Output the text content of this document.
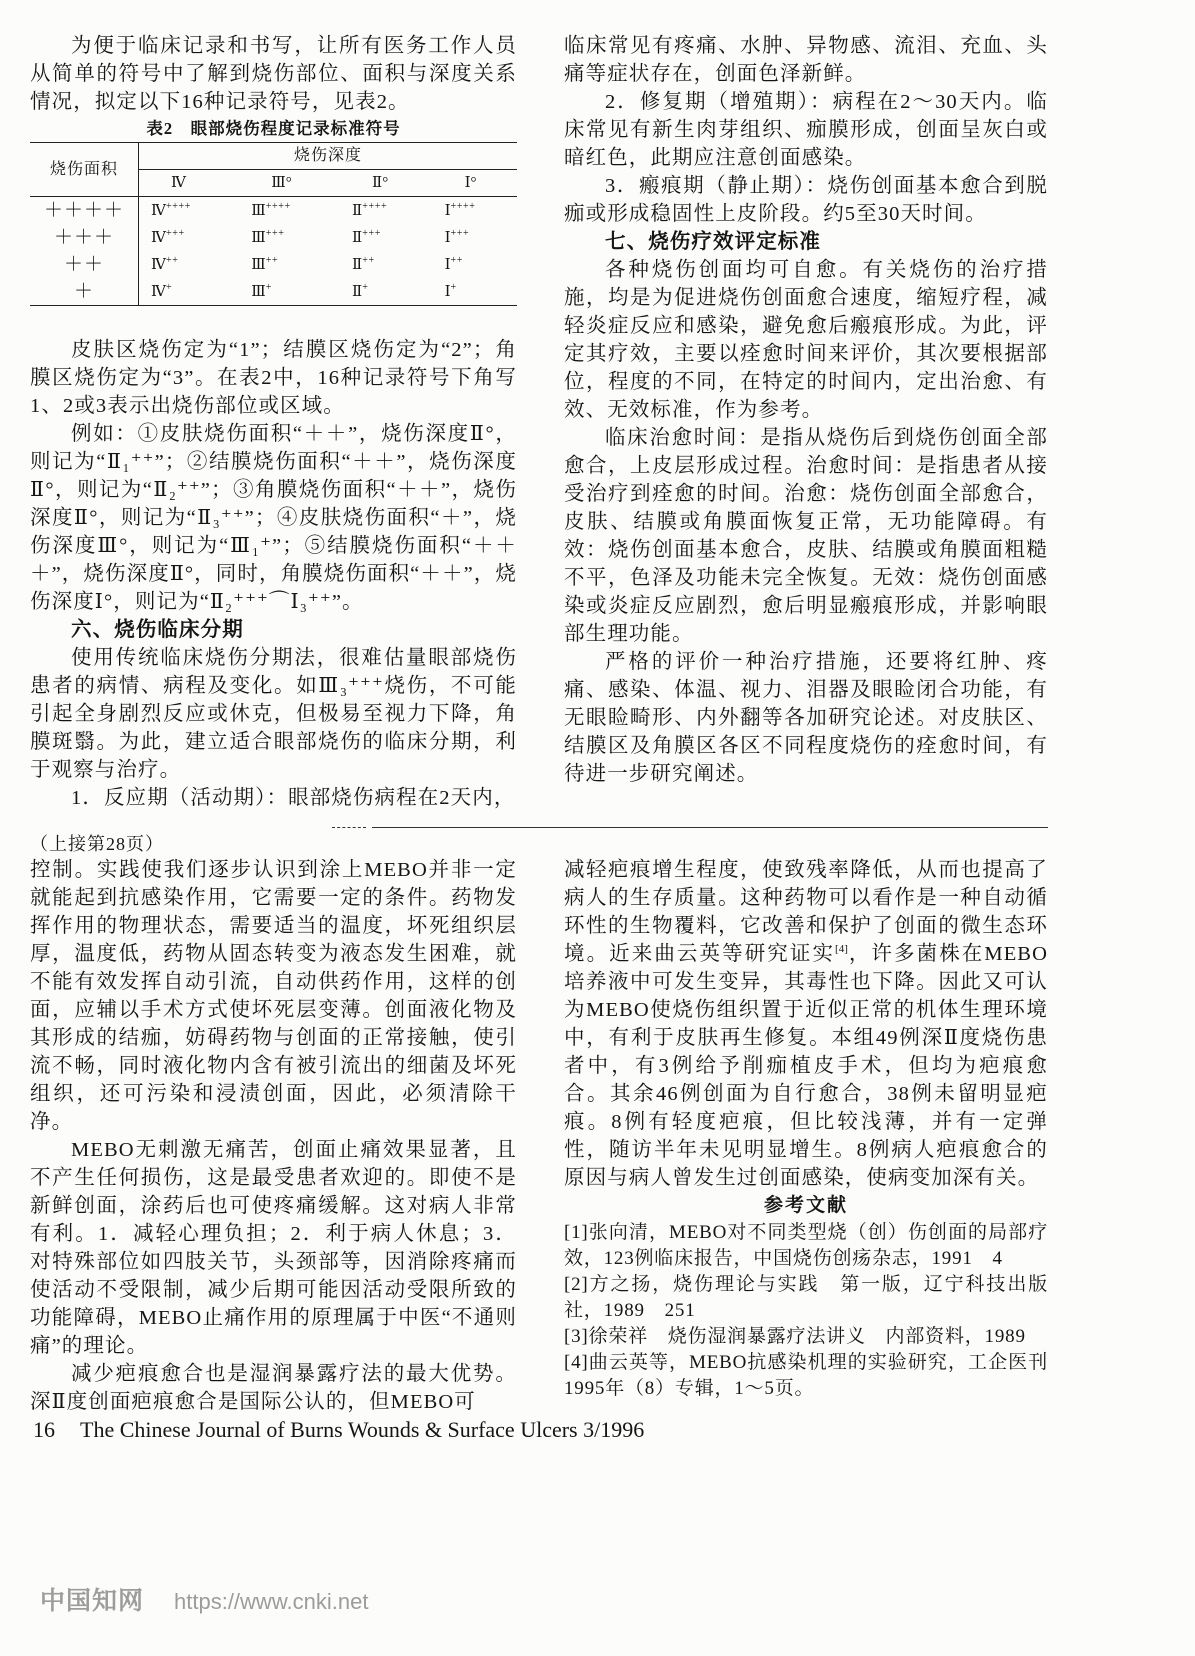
为便于临床记录和书写，让所有医务工作人员从简单的符号中了解到烧伤部位、面积与深度关系情况，拟定以下16种记录符号，见表2。

表2　眼部烧伤程度记录标准符号
烧伤面积	烧伤深度			
	Ⅳ	Ⅲ°	Ⅱ°	Ⅰ°
＋＋＋＋	Ⅳ++++	Ⅲ++++	Ⅱ++++	Ⅰ++++
＋＋＋	Ⅳ+++	Ⅲ+++	Ⅱ+++	Ⅰ+++
＋＋	Ⅳ++	Ⅲ++	Ⅱ++	Ⅰ++
＋	Ⅳ+	Ⅲ+	Ⅱ+	Ⅰ+

皮肤区烧伤定为“1”；结膜区烧伤定为“2”；角膜区烧伤定为“3”。在表2中，16种记录符号下角写1、2或3表示出烧伤部位或区域。

例如：①皮肤烧伤面积“＋＋”，烧伤深度Ⅱ°，则记为“Ⅱ₁⁺⁺”；②结膜烧伤面积“＋＋”，烧伤深度Ⅱ°，则记为“Ⅱ₂⁺⁺”；③角膜烧伤面积“＋＋”，烧伤深度Ⅱ°，则记为“Ⅱ₃⁺⁺”；④皮肤烧伤面积“＋”，烧伤深度Ⅲ°，则记为“Ⅲ₁⁺”；⑤结膜烧伤面积“＋＋＋”，烧伤深度Ⅱ°，同时，角膜烧伤面积“＋＋”，烧伤深度Ⅰ°，则记为“Ⅱ₂⁺⁺⁺⌒Ⅰ₃⁺⁺”。

六、烧伤临床分期

使用传统临床烧伤分期法，很难估量眼部烧伤患者的病情、病程及变化。如Ⅲ₃⁺⁺⁺烧伤，不可能引起全身剧烈反应或休克，但极易至视力下降，角膜斑翳。为此，建立适合眼部烧伤的临床分期，利于观察与治疗。

1．反应期（活动期）：眼部烧伤病程在2天内，

临床常见有疼痛、水肿、异物感、流泪、充血、头痛等症状存在，创面色泽新鲜。

2．修复期（增殖期）：病程在2～30天内。临床常见有新生肉芽组织、痂膜形成，创面呈灰白或暗红色，此期应注意创面感染。

3．瘢痕期（静止期）：烧伤创面基本愈合到脱痂或形成稳固性上皮阶段。约5至30天时间。

七、烧伤疗效评定标准

各种烧伤创面均可自愈。有关烧伤的治疗措施，均是为促进烧伤创面愈合速度，缩短疗程，减轻炎症反应和感染，避免愈后瘢痕形成。为此，评定其疗效，主要以痊愈时间来评价，其次要根据部位，程度的不同，在特定的时间内，定出治愈、有效、无效标准，作为参考。

临床治愈时间：是指从烧伤后到烧伤创面全部愈合，上皮层形成过程。治愈时间：是指患者从接受治疗到痊愈的时间。治愈：烧伤创面全部愈合，皮肤、结膜或角膜面恢复正常，无功能障碍。有效：烧伤创面基本愈合，皮肤、结膜或角膜面粗糙不平，色泽及功能未完全恢复。无效：烧伤创面感染或炎症反应剧烈，愈后明显瘢痕形成，并影响眼部生理功能。

严格的评价一种治疗措施，还要将红肿、疼痛、感染、体温、视力、泪器及眼睑闭合功能，有无眼睑畸形、内外翻等各加研究论述。对皮肤区、结膜区及角膜区各区不同程度烧伤的痊愈时间，有待进一步研究阐述。

（上接第28页）

控制。实践使我们逐步认识到涂上MEBO并非一定就能起到抗感染作用，它需要一定的条件。药物发挥作用的物理状态，需要适当的温度，坏死组织层厚，温度低，药物从固态转变为液态发生困难，就不能有效发挥自动引流，自动供药作用，这样的创面，应辅以手术方式使坏死层变薄。创面液化物及其形成的结痂，妨碍药物与创面的正常接触，使引流不畅，同时液化物内含有被引流出的细菌及坏死组织，还可污染和浸渍创面，因此，必须清除干净。

MEBO无刺激无痛苦，创面止痛效果显著，且不产生任何损伤，这是最受患者欢迎的。即使不是新鲜创面，涂药后也可使疼痛缓解。这对病人非常有利。1．减轻心理负担；2．利于病人休息；3．对特殊部位如四肢关节，头颈部等，因消除疼痛而使活动不受限制，减少后期可能因活动受限所致的功能障碍，MEBO止痛作用的原理属于中医“不通则痛”的理论。

减少疤痕愈合也是湿润暴露疗法的最大优势。深Ⅱ度创面疤痕愈合是国际公认的，但MEBO可

减轻疤痕增生程度，使致残率降低，从而也提高了病人的生存质量。这种药物可以看作是一种自动循环性的生物覆料，它改善和保护了创面的微生态环境。近来曲云英等研究证实[4]，许多菌株在MEBO培养液中可发生变异，其毒性也下降。因此又可认为MEBO使烧伤组织置于近似正常的机体生理环境中，有利于皮肤再生修复。本组49例深Ⅱ度烧伤患者中，有3例给予削痂植皮手术，但均为疤痕愈合。其余46例创面为自行愈合，38例未留明显疤痕。8例有轻度疤痕，但比较浅薄，并有一定弹性，随访半年未见明显增生。8例病人疤痕愈合的原因与病人曾发生过创面感染，使病变加深有关。

参考文献
[1]张向清，MEBO对不同类型烧（创）伤创面的局部疗效，123例临床报告，中国烧伤创疡杂志，1991　4
[2]方之扬，烧伤理论与实践　第一版，辽宁科技出版社，1989　251
[3]徐荣祥　烧伤湿润暴露疗法讲义　内部资料，1989
[4]曲云英等，MEBO抗感染机理的实验研究，工企医刊1995年（8）专辑，1～5页。
16 The Chinese Journal of Burns Wounds & Surface Ulcers 3/1996
中国知网 https://www.cnki.net
